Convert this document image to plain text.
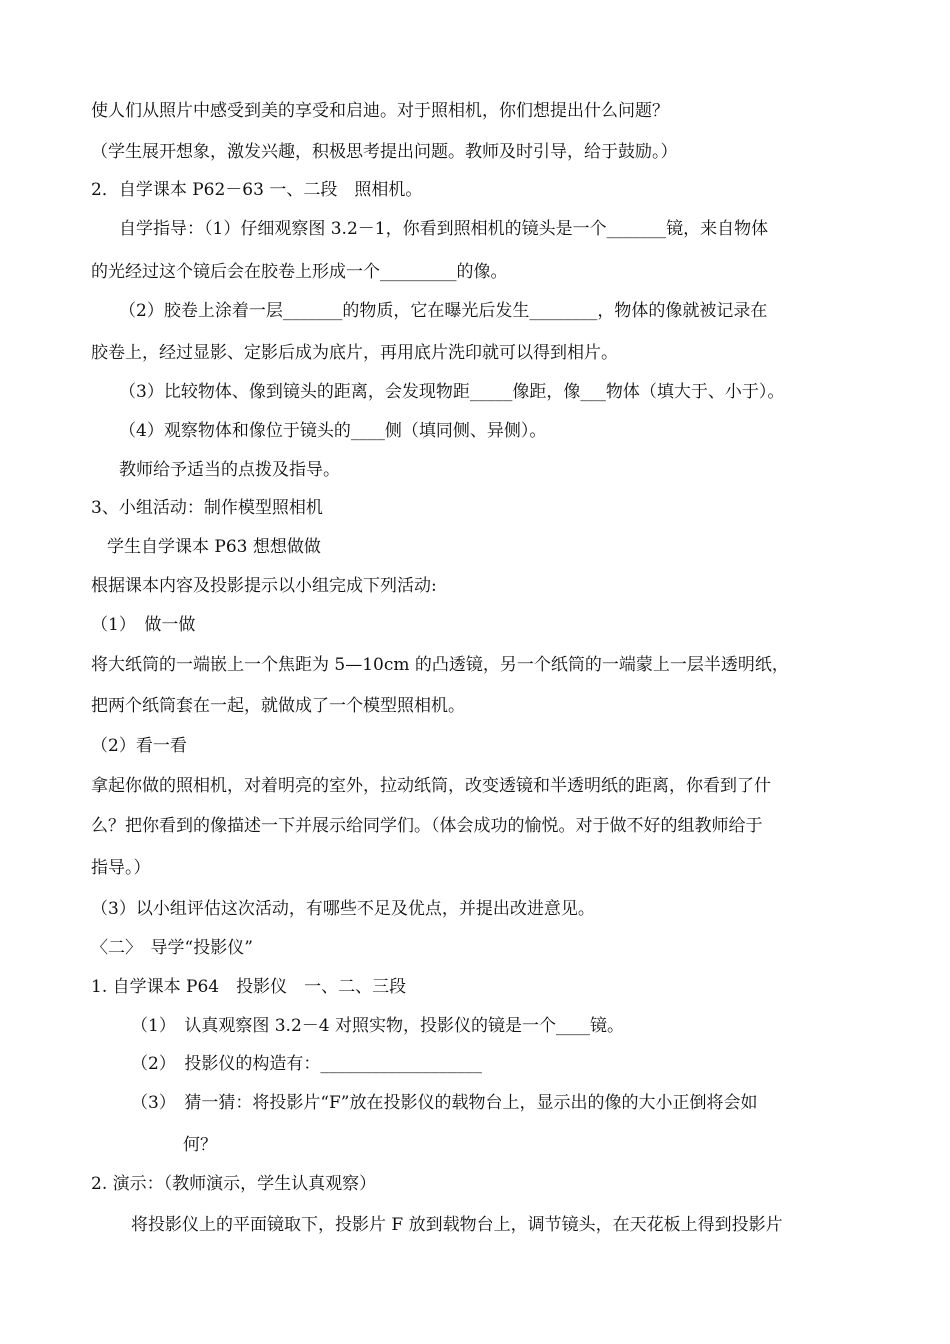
使人们从照片中感受到美的享受和启迪。对于照相机，你们想提出什么问题？
（学生展开想象，激发兴趣，积极思考提出问题。教师及时引导，给于鼓励。）
2．自学课本 P62－63 一、二段　照相机。
自学指导：（1）仔细观察图 3.2－1，你看到照相机的镜头是一个_______镜，来自物体
的光经过这个镜后会在胶卷上形成一个_________的像。
（2）胶卷上涂着一层_______的物质，它在曝光后发生________，物体的像就被记录在
胶卷上，经过显影、定影后成为底片，再用底片洗印就可以得到相片。
（3）比较物体、像到镜头的距离，会发现物距_____像距，像___物体（填大于、小于）。
（4）观察物体和像位于镜头的____侧（填同侧、异侧）。
教师给予适当的点拨及指导。
3、小组活动：制作模型照相机
学生自学课本 P63 想想做做
根据课本内容及投影提示以小组完成下列活动:
（1）　做一做
将大纸筒的一端嵌上一个焦距为 5—10cm 的凸透镜，另一个纸筒的一端蒙上一层半透明纸，
把两个纸筒套在一起，就做成了一个模型照相机。
（2）看一看
拿起你做的照相机，对着明亮的室外，拉动纸筒，改变透镜和半透明纸的距离，你看到了什
么？把你看到的像描述一下并展示给同学们。（体会成功的愉悦。对于做不好的组教师给于
指导。）
（3）以小组评估这次活动，有哪些不足及优点，并提出改进意见。
〈二〉　导学“投影仪”
1. 自学课本 P64　投影仪　一、二、三段
（1）　认真观察图 3.2－4 对照实物，投影仪的镜是一个____镜。
（2）　投影仪的构造有：___________________
（3）　猜一猜：将投影片“F”放在投影仪的载物台上，显示出的像的大小正倒将会如
何？
2. 演示：（教师演示，学生认真观察）
将投影仪上的平面镜取下，投影片 F 放到载物台上，调节镜头，在天花板上得到投影片
